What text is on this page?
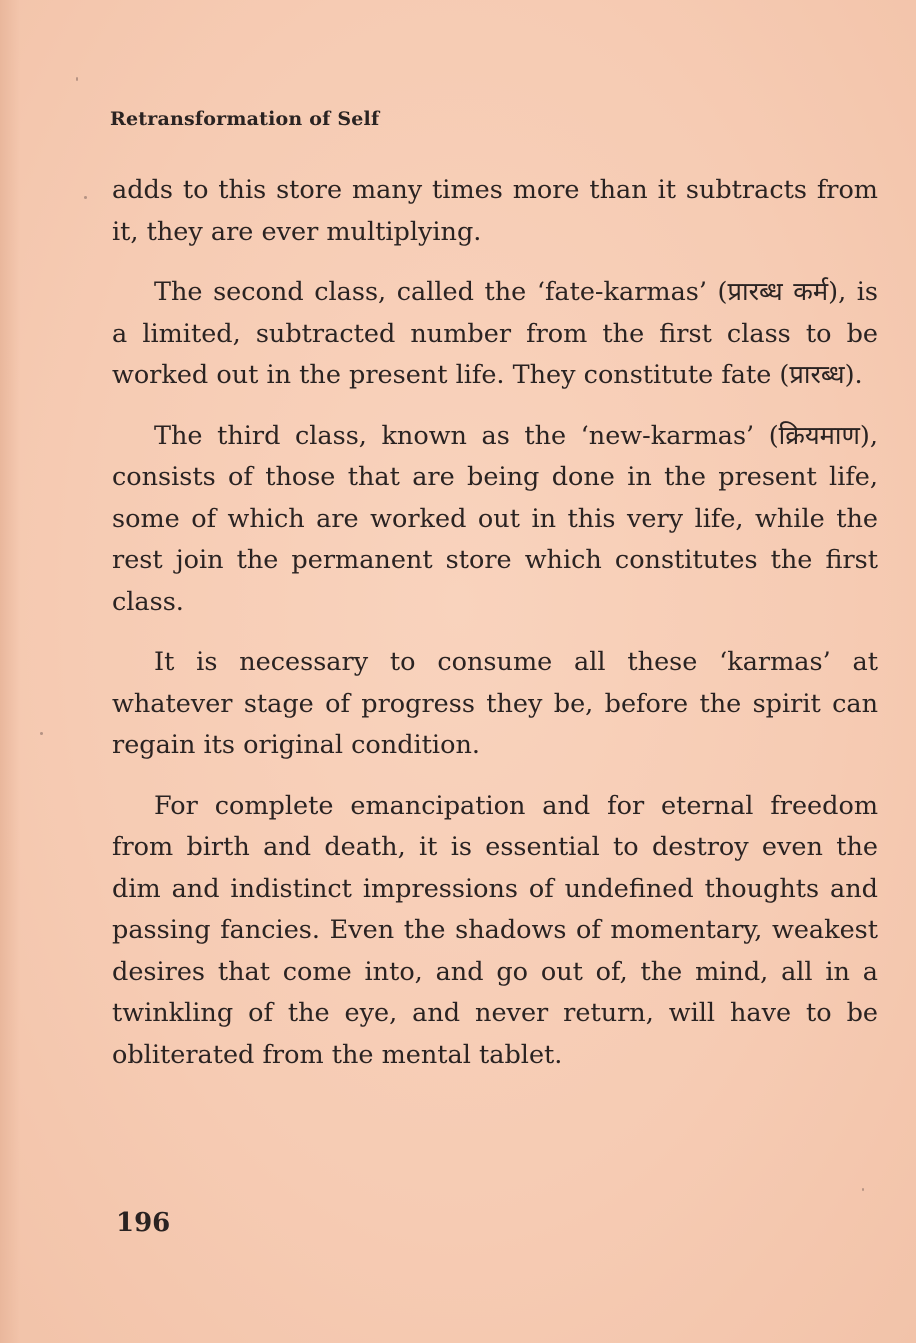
Retransformation of Self

adds to this store many times more than it subtracts from it, they are ever multiplying.

The second class, called the ‘fate-karmas’ (प्रारब्ध कर्म), is a limited, subtracted number from the first class to be worked out in the present life. They constitute fate (प्रारब्ध).

The third class, known as the ‘new-karmas’ (क्रियमाण), consists of those that are being done in the present life, some of which are worked out in this very life, while the rest join the permanent store which constitutes the first class.

It is necessary to consume all these ‘karmas’ at whatever stage of progress they be, before the spirit can regain its original condition.

For complete emancipation and for eternal freedom from birth and death, it is essential to destroy even the dim and indistinct impressions of undefined thoughts and passing fancies. Even the shadows of momentary, weakest desires that come into, and go out of, the mind, all in a twinkling of the eye, and never return, will have to be obliterated from the mental tablet.

196
